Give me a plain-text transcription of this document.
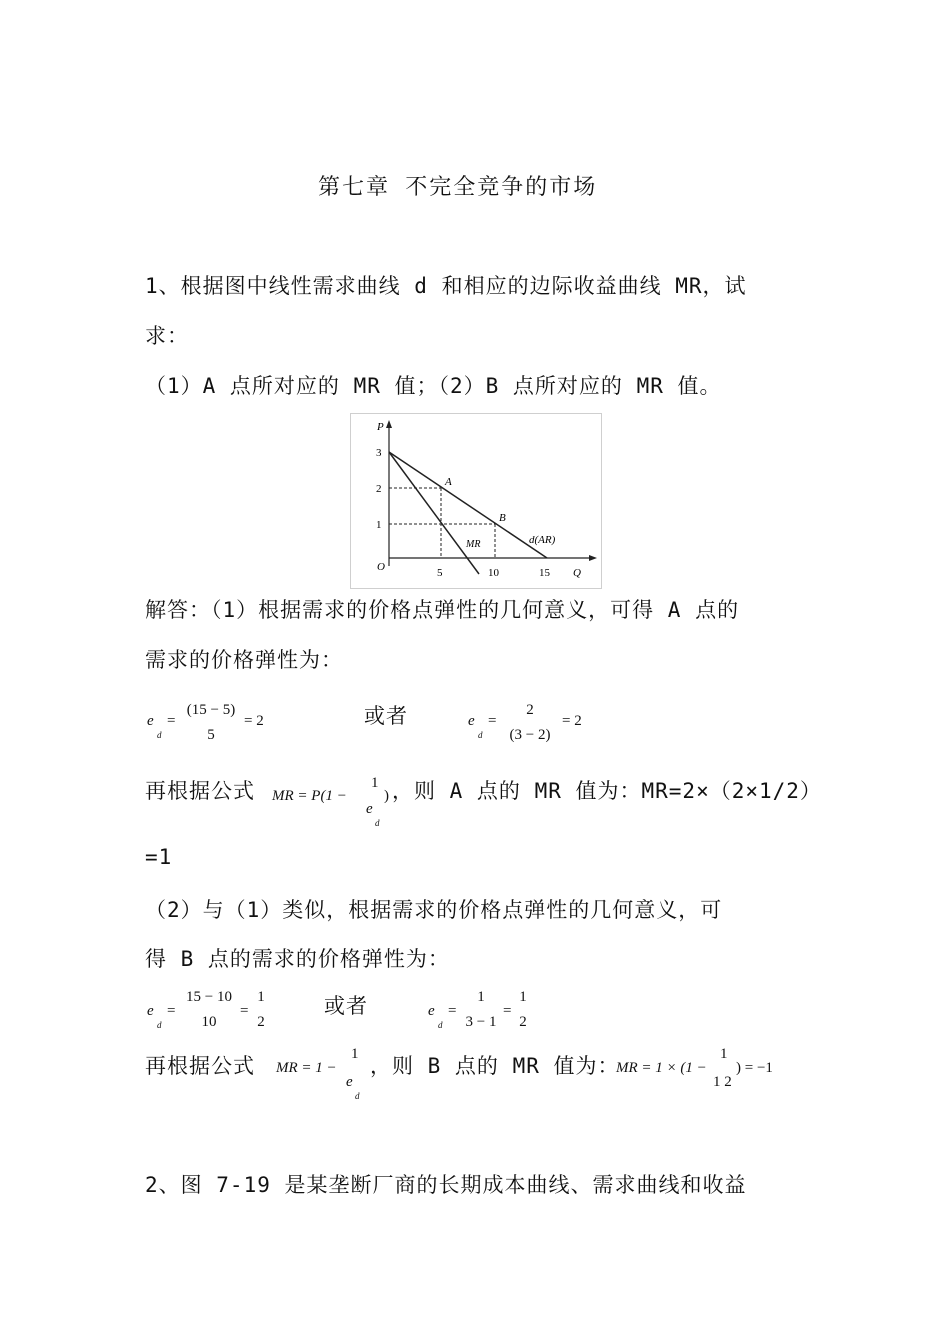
第七章 不完全竞争的市场
1、根据图中线性需求曲线 d 和相应的边际收益曲线 MR，试
求：
（1）A 点所对应的 MR 值；（2）B 点所对应的 MR 值。
P
Q
O
3
2
1
5	10	15
A
B
MR	d(AR)
解答：（1）根据需求的价格点弹性的几何意义，可得 A 点的
需求的价格弹性为：
e
d
=
(15 − 5)
5
= 2	或者	e
d
=
2
(3 − 2)
= 2
再根据公式 MR = P(1 −
1
e
d
) ，则 A 点的 MR 值为：MR=2×（2×1/2）
=1
（2）与（1）类似，根据需求的价格点弹性的几何意义，可
得 B 点的需求的价格弹性为：
e
d
=
15 − 10
10
=
1
2
或者	e
d
=
1
3 − 1
=
1
2
再根据公式 MR = 1 −
1
e
d
，则 B 点的 MR 值为：
MR = 1 × (1 −
1
1 2
) = −1
2、图 7-19 是某垄断厂商的长期成本曲线、需求曲线和收益
